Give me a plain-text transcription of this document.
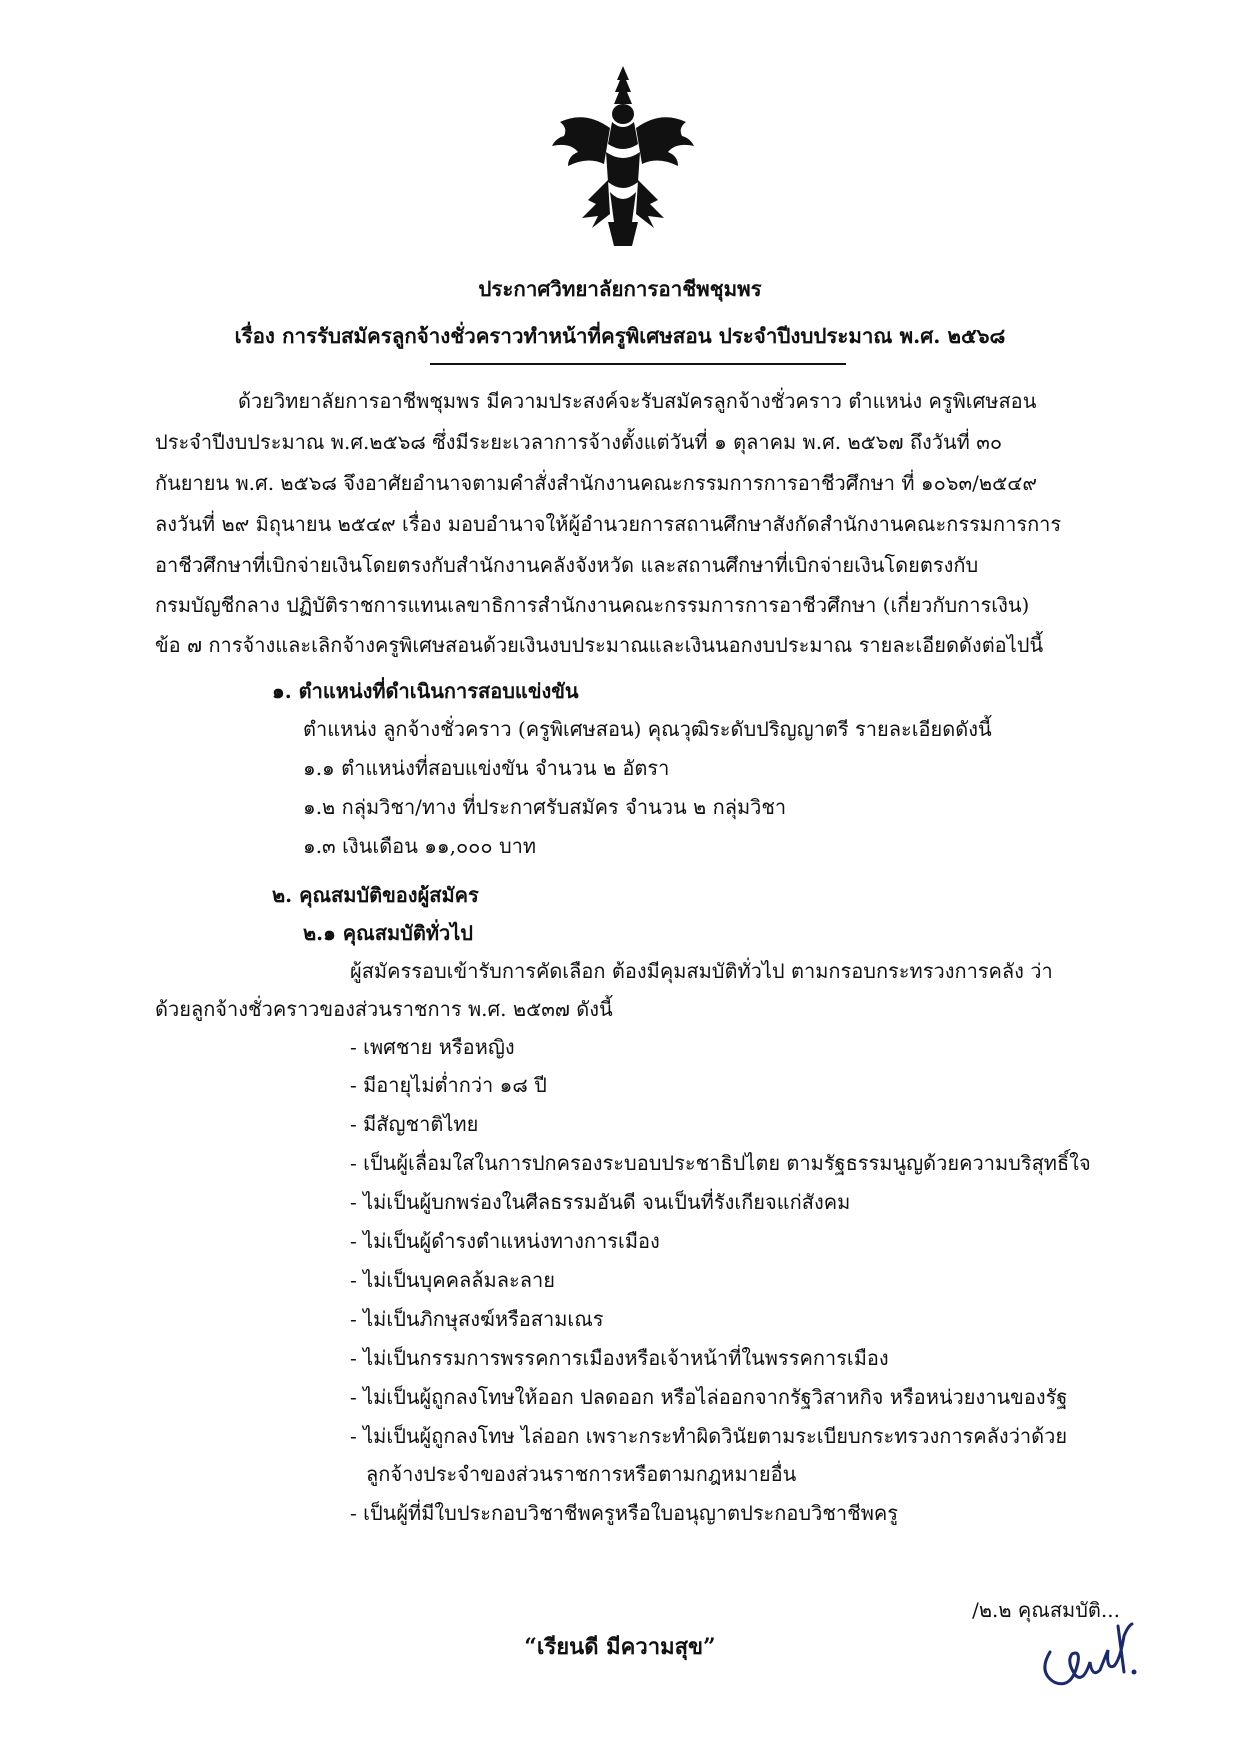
ประกาศวิทยาลัยการอาชีพชุมพร
เรื่อง การรับสมัครลูกจ้างชั่วคราวทำหน้าที่ครูพิเศษสอน ประจำปีงบประมาณ พ.ศ. ๒๕๖๘
ด้วยวิทยาลัยการอาชีพชุมพร มีความประสงค์จะรับสมัครลูกจ้างชั่วคราว ตำแหน่ง ครูพิเศษสอน
ประจำปีงบประมาณ พ.ศ.๒๕๖๘ ซึ่งมีระยะเวลาการจ้างตั้งแต่วันที่ ๑ ตุลาคม พ.ศ. ๒๕๖๗ ถึงวันที่ ๓๐
กันยายน พ.ศ. ๒๕๖๘ จึงอาศัยอำนาจตามคำสั่งสำนักงานคณะกรรมการการอาชีวศึกษา ที่ ๑๐๖๓/๒๕๔๙
ลงวันที่ ๒๙ มิถุนายน ๒๕๔๙ เรื่อง มอบอำนาจให้ผู้อำนวยการสถานศึกษาสังกัดสำนักงานคณะกรรมการการ
อาชีวศึกษาที่เบิกจ่ายเงินโดยตรงกับสำนักงานคลังจังหวัด และสถานศึกษาที่เบิกจ่ายเงินโดยตรงกับ
กรมบัญชีกลาง ปฏิบัติราชการแทนเลขาธิการสำนักงานคณะกรรมการการอาชีวศึกษา (เกี่ยวกับการเงิน)
ข้อ ๗ การจ้างและเลิกจ้างครูพิเศษสอนด้วยเงินงบประมาณและเงินนอกงบประมาณ รายละเอียดดังต่อไปนี้
๑. ตำแหน่งที่ดำเนินการสอบแข่งขัน
ตำแหน่ง ลูกจ้างชั่วคราว (ครูพิเศษสอน) คุณวุฒิระดับปริญญาตรี รายละเอียดดังนี้
๑.๑ ตำแหน่งที่สอบแข่งขัน จำนวน ๒ อัตรา
๑.๒ กลุ่มวิชา/ทาง ที่ประกาศรับสมัคร จำนวน ๒ กลุ่มวิชา
๑.๓ เงินเดือน ๑๑,๐๐๐ บาท
๒. คุณสมบัติของผู้สมัคร
๒.๑ คุณสมบัติทั่วไป
ผู้สมัครรอบเข้ารับการคัดเลือก ต้องมีคุมสมบัติทั่วไป ตามกรอบกระทรวงการคลัง ว่า
ด้วยลูกจ้างชั่วคราวของส่วนราชการ พ.ศ. ๒๕๓๗ ดังนี้
- เพศชาย หรือหญิง
- มีอายุไม่ต่ำกว่า ๑๘ ปี
- มีสัญชาติไทย
- เป็นผู้เลื่อมใสในการปกครองระบอบประชาธิปไตย ตามรัฐธรรมนูญด้วยความบริสุทธิ์ใจ
- ไม่เป็นผู้บกพร่องในศีลธรรมอันดี จนเป็นที่รังเกียจแก่สังคม
- ไม่เป็นผู้ดำรงตำแหน่งทางการเมือง
- ไม่เป็นบุคคลล้มละลาย
- ไม่เป็นภิกษุสงฆ์หรือสามเณร
- ไม่เป็นกรรมการพรรคการเมืองหรือเจ้าหน้าที่ในพรรคการเมือง
- ไม่เป็นผู้ถูกลงโทษให้ออก ปลดออก หรือไล่ออกจากรัฐวิสาหกิจ หรือหน่วยงานของรัฐ
- ไม่เป็นผู้ถูกลงโทษ ไล่ออก เพราะกระทำผิดวินัยตามระเบียบกระทรวงการคลังว่าด้วย
ลูกจ้างประจำของส่วนราชการหรือตามกฎหมายอื่น
- เป็นผู้ที่มีใบประกอบวิชาชีพครูหรือใบอนุญาตประกอบวิชาชีพครู
/๒.๒ คุณสมบัติ...
“เรียนดี มีความสุข”
